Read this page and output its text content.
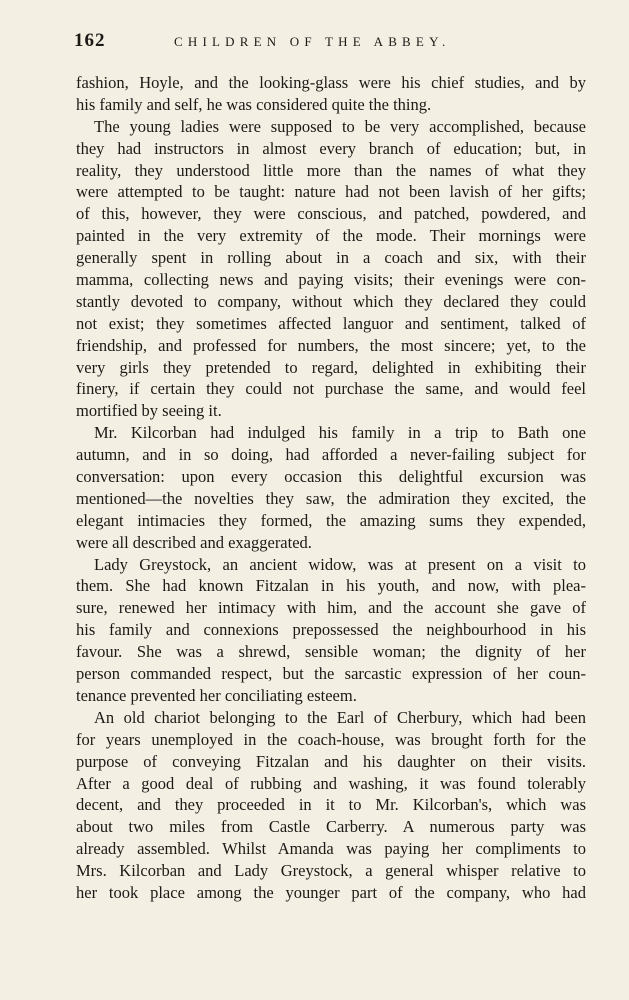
162	CHILDREN OF THE ABBEY.
fashion, Hoyle, and the looking-glass were his chief studies, and by
his family and self, he was considered quite the thing.
The young ladies were supposed to be very accomplished, because
they had instructors in almost every branch of education; but, in
reality, they understood little more than the names of what they
were attempted to be taught: nature had not been lavish of her gifts;
of this, however, they were conscious, and patched, powdered, and
painted in the very extremity of the mode. Their mornings were
generally spent in rolling about in a coach and six, with their
mamma, collecting news and paying visits; their evenings were con-
stantly devoted to company, without which they declared they could
not exist; they sometimes affected languor and sentiment, talked of
friendship, and professed for numbers, the most sincere; yet, to the
very girls they pretended to regard, delighted in exhibiting their
finery, if certain they could not purchase the same, and would feel
mortified by seeing it.
Mr. Kilcorban had indulged his family in a trip to Bath one
autumn, and in so doing, had afforded a never-failing subject for
conversation: upon every occasion this delightful excursion was
mentioned—the novelties they saw, the admiration they excited, the
elegant intimacies they formed, the amazing sums they expended,
were all described and exaggerated.
Lady Greystock, an ancient widow, was at present on a visit to
them. She had known Fitzalan in his youth, and now, with plea-
sure, renewed her intimacy with him, and the account she gave of
his family and connexions prepossessed the neighbourhood in his
favour. She was a shrewd, sensible woman; the dignity of her
person commanded respect, but the sarcastic expression of her coun-
tenance prevented her conciliating esteem.
An old chariot belonging to the Earl of Cherbury, which had been
for years unemployed in the coach-house, was brought forth for the
purpose of conveying Fitzalan and his daughter on their visits.
After a good deal of rubbing and washing, it was found tolerably
decent, and they proceeded in it to Mr. Kilcorban's, which was
about two miles from Castle Carberry. A numerous party was
already assembled. Whilst Amanda was paying her compliments to
Mrs. Kilcorban and Lady Greystock, a general whisper relative to
her took place among the younger part of the company, who had
